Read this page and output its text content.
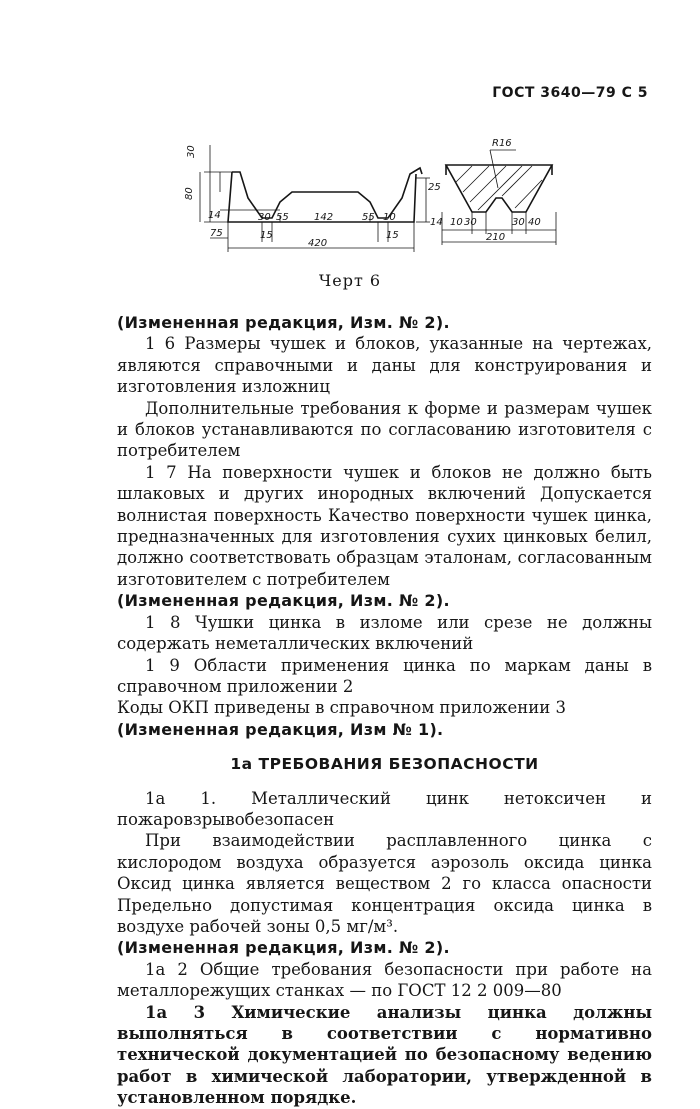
ГОСТ 3640—79 С 5
30
80
14	30 55	142	55 10
25
75	15
420
15
R16
14 10 30	30 40
210
Черт 6

(Измененная редакция, Изм. № 2).

1 6 Размеры чушек и блоков, указанные на чертежах, являются справочными и даны для конструирования и изготовления изложниц

Дополнительные требования к форме и размерам чушек и блоков устанавливаются по согласованию изготовителя с потребителем

1 7 На поверхности чушек и блоков не должно быть шлаковых и других инородных включений Допускается волнистая поверхность Качество поверхности чушек цинка, предназначенных для изготовления сухих цинковых белил, должно соответствовать образцам эталонам, согласованным изготовителем с потребителем

(Измененная редакция, Изм. № 2).

1 8 Чушки цинка в изломе или срезе не должны содержать неметаллических включений

1 9 Области применения цинка по маркам даны в справочном приложении 2

Коды ОКП приведены в справочном приложении 3

(Измененная редакция, Изм № 1).

1а ТРЕБОВАНИЯ БЕЗОПАСНОСТИ

1а 1. Металлический цинк нетоксичен и пожаровзрывобезопасен

При взаимодействии расплавленного цинка с кислородом воздуха образуется аэрозоль оксида цинка Оксид цинка является веществом 2 го класса опасности Предельно допустимая концентрация оксида цинка в воздухе рабочей зоны 0,5 мг/м³.

(Измененная редакция, Изм. № 2).

1а 2 Общие требования безопасности при работе на металлорежущих станках — по ГОСТ 12 2 009—80

1а 3 Химические анализы цинка должны выполняться в соответствии с нормативно технической документацией по безопасному ведению работ в химической лаборатории, утвержденной в установленном порядке.
